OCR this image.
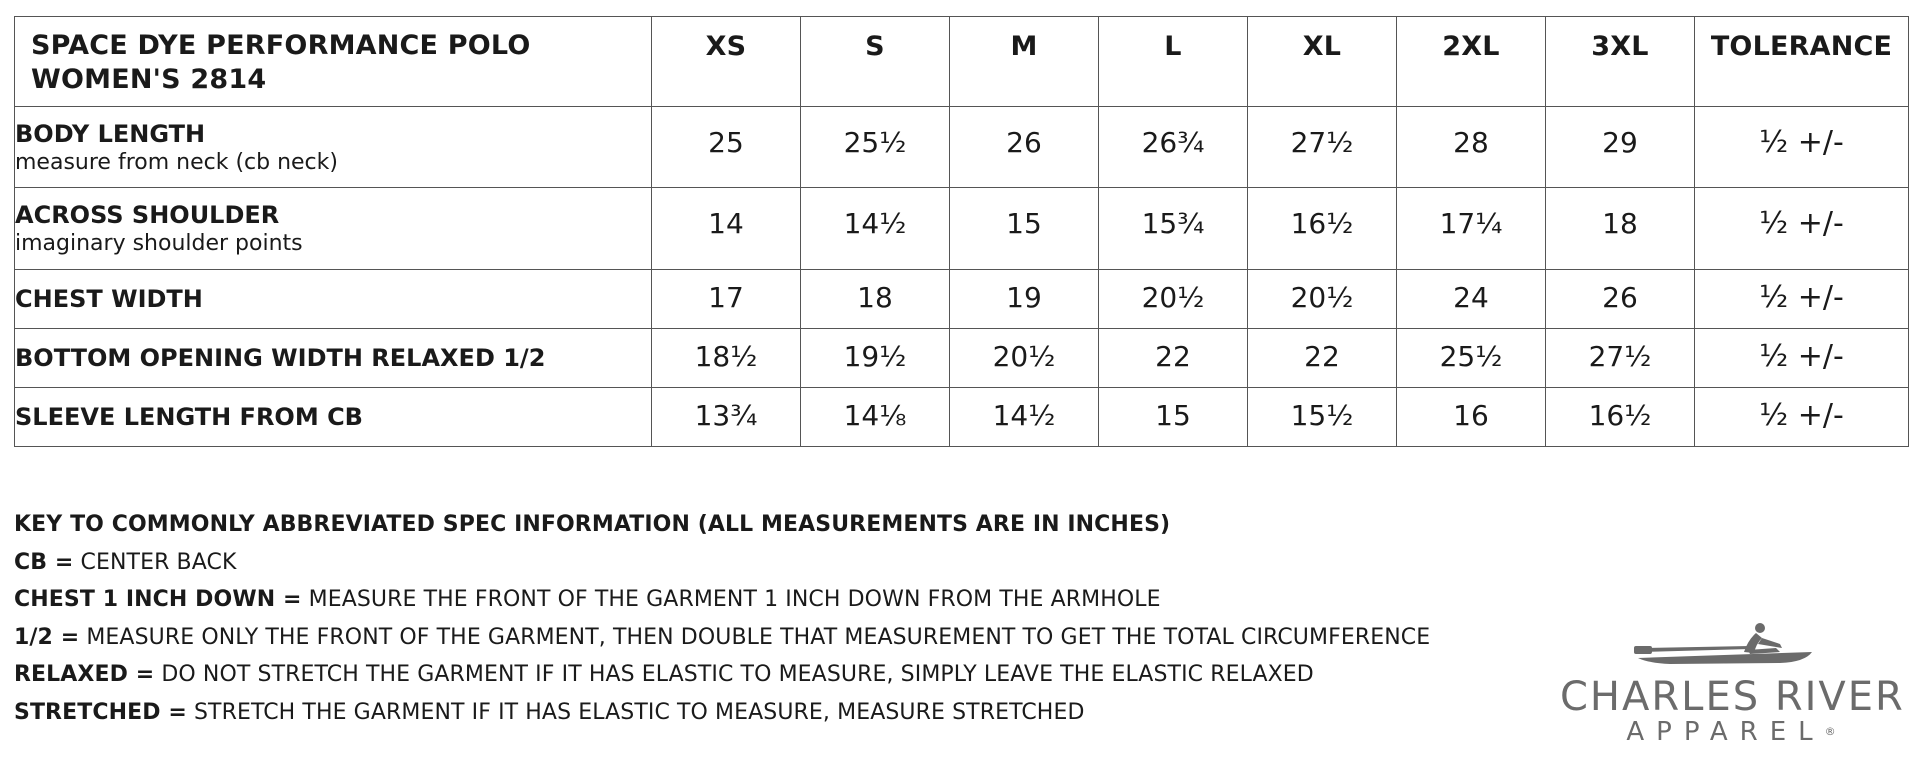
SPACE DYE PERFORMANCE POLO
WOMEN'S 2814	XS	S	M	L	XL	2XL	3XL	TOLERANCE

BODY LENGTH
measure from neck (cb neck)	25	25½	26	26¾	27½	28	29	½ +/-

ACROSS SHOULDER
imaginary shoulder points	14	14½	15	15¾	16½	17¼	18	½ +/-

CHEST WIDTH	17	18	19	20½	20½	24	26	½ +/-

BOTTOM OPENING WIDTH RELAXED 1/2	18½	19½	20½	22	22	25½	27½	½ +/-

SLEEVE LENGTH FROM CB	13¾	14⅛	14½	15	15½	16	16½	½ +/-
KEY TO COMMONLY ABBREVIATED SPEC INFORMATION (ALL MEASUREMENTS ARE IN INCHES)
CB = CENTER BACK
CHEST 1 INCH DOWN = MEASURE THE FRONT OF THE GARMENT 1 INCH DOWN FROM THE ARMHOLE
1/2 = MEASURE ONLY THE FRONT OF THE GARMENT, THEN DOUBLE THAT MEASUREMENT TO GET THE TOTAL CIRCUMFERENCE
RELAXED = DO NOT STRETCH THE GARMENT IF IT HAS ELASTIC TO MEASURE, SIMPLY LEAVE THE ELASTIC RELAXED
STRETCHED = STRETCH THE GARMENT IF IT HAS ELASTIC TO MEASURE, MEASURE STRETCHED	CHARLES RIVER
APPAREL®
